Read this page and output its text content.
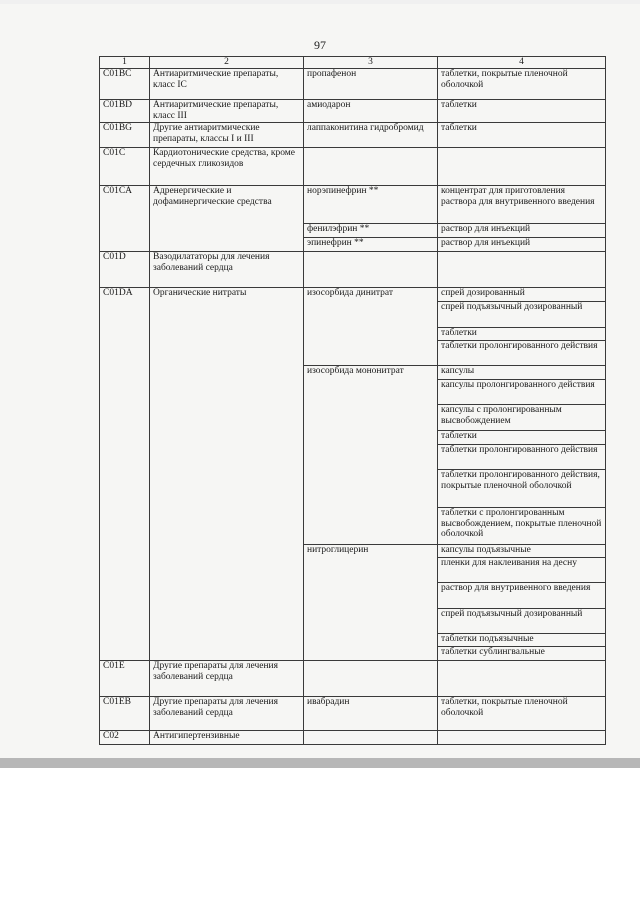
97
1	2	3	4
C01BC	Антиаритмические препараты, класс IC	пропафенон	таблетки, покрытые пленочной оболочкой
C01BD	Антиаритмические препараты, класс III	амиодарон	таблетки
C01BG	Другие антиаритмические препараты, классы I и III	лаппаконитина гидробромид	таблетки
C01C	Кардиотонические средства, кроме сердечных гликозидов		
C01CA	Адренергические и дофаминергические средства	норэпинефрин **	концентрат для приготовления раствора для внутривенного введения
		фенилэфрин **	раствор для инъекций
		эпинефрин **	раствор для инъекций
C01D	Вазодилататоры для лечения заболеваний сердца		
C01DA	Органические нитраты	изосорбида динитрат	спрей дозированный
			спрей подъязычный дозированный
			таблетки
			таблетки пролонгированного действия
		изосорбида мононитрат	капсулы
			капсулы пролонгированного действия
			капсулы с пролонгированным высвобождением
			таблетки
			таблетки пролонгированного действия
			таблетки пролонгированного действия, покрытые пленочной оболочкой
			таблетки с пролонгированным высвобождением, покрытые пленочной оболочкой
		нитроглицерин	капсулы подъязычные
			пленки для наклеивания на десну
			раствор для внутривенного введения
			спрей подъязычный дозированный
			таблетки подъязычные
			таблетки сублингвальные
C01E	Другие препараты для лечения заболеваний сердца		
C01EB	Другие препараты для лечения заболеваний сердца	ивабрадин	таблетки, покрытые пленочной оболочкой
C02	Антигипертензивные		
